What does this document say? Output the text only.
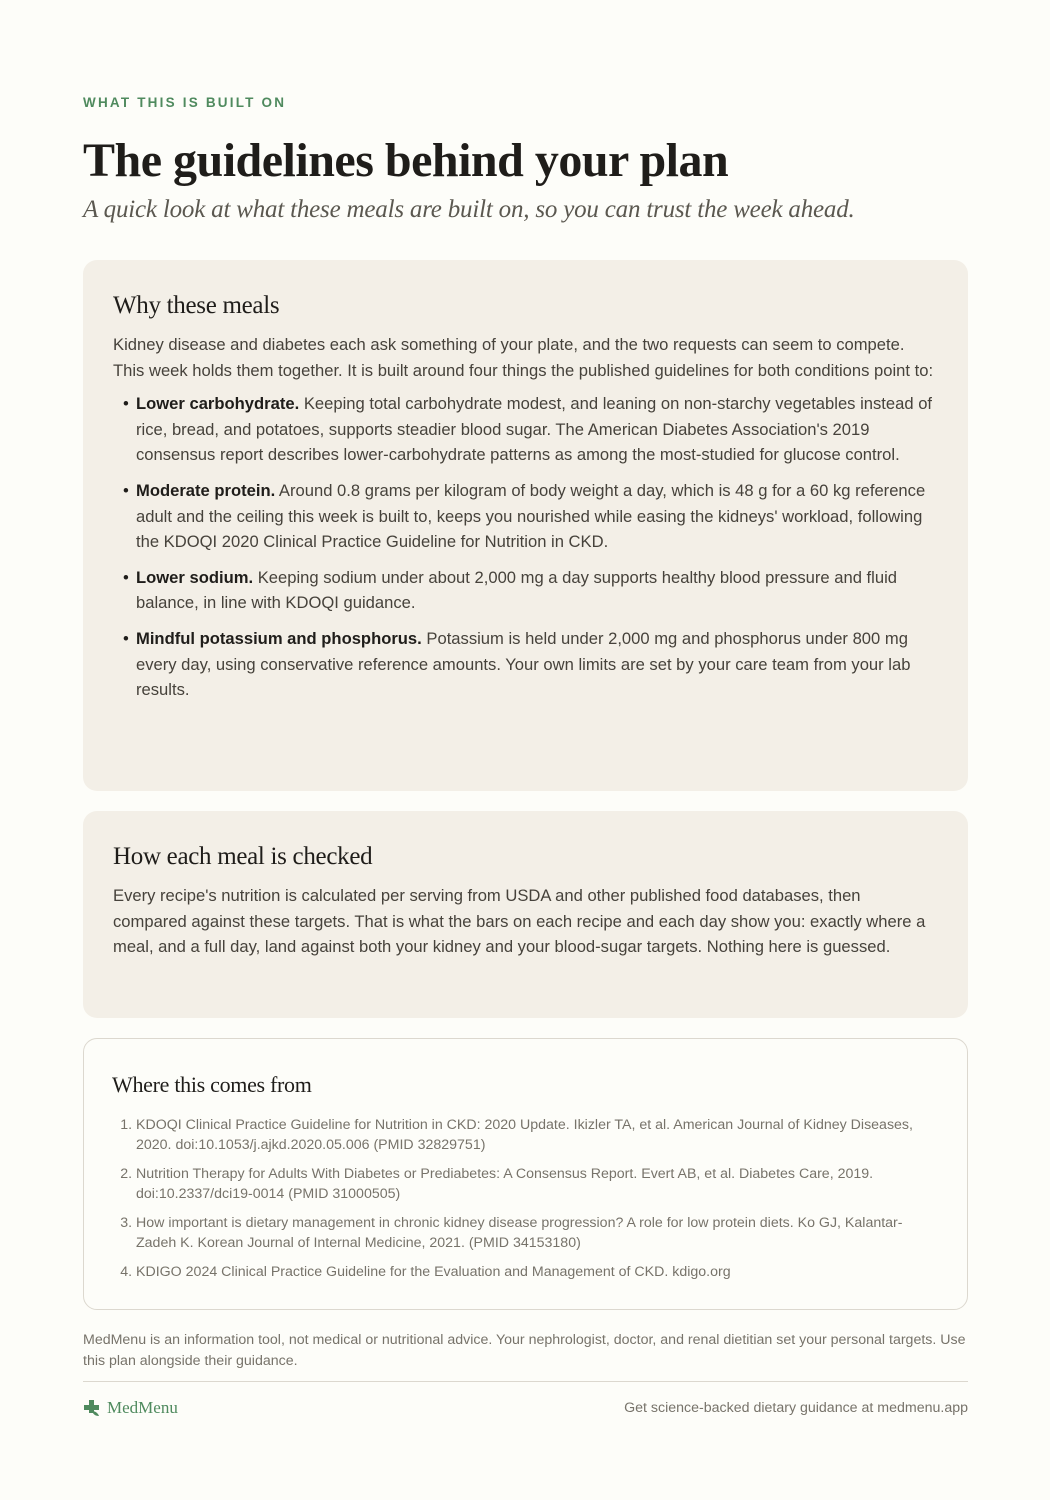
WHAT THIS IS BUILT ON
The guidelines behind your plan
A quick look at what these meals are built on, so you can trust the week ahead.
Why these meals

Kidney disease and diabetes each ask something of your plate, and the two requests can seem to compete. This week holds them together. It is built around four things the published guidelines for both conditions point to:

• Lower carbohydrate. Keeping total carbohydrate modest, and leaning on non-starchy vegetables instead of rice, bread, and potatoes, supports steadier blood sugar. The American Diabetes Association's 2019 consensus report describes lower-carbohydrate patterns as among the most-studied for glucose control.
• Moderate protein. Around 0.8 grams per kilogram of body weight a day, which is 48 g for a 60 kg reference adult and the ceiling this week is built to, keeps you nourished while easing the kidneys' workload, following the KDOQI 2020 Clinical Practice Guideline for Nutrition in CKD.
• Lower sodium. Keeping sodium under about 2,000 mg a day supports healthy blood pressure and fluid balance, in line with KDOQI guidance.
• Mindful potassium and phosphorus. Potassium is held under 2,000 mg and phosphorus under 800 mg every day, using conservative reference amounts. Your own limits are set by your care team from your lab results.
How each meal is checked

Every recipe's nutrition is calculated per serving from USDA and other published food databases, then compared against these targets. That is what the bars on each recipe and each day show you: exactly where a meal, and a full day, land against both your kidney and your blood-sugar targets. Nothing here is guessed.

Where this comes from
1. KDOQI Clinical Practice Guideline for Nutrition in CKD: 2020 Update. Ikizler TA, et al. American Journal of Kidney Diseases, 2020. doi:10.1053/j.ajkd.2020.05.006 (PMID 32829751)
2. Nutrition Therapy for Adults With Diabetes or Prediabetes: A Consensus Report. Evert AB, et al. Diabetes Care, 2019. doi:10.2337/dci19-0014 (PMID 31000505)
3. How important is dietary management in chronic kidney disease progression? A role for low protein diets. Ko GJ, Kalantar-Zadeh K. Korean Journal of Internal Medicine, 2021. (PMID 34153180)
4. KDIGO 2024 Clinical Practice Guideline for the Evaluation and Management of CKD. kdigo.org
MedMenu is an information tool, not medical or nutritional advice. Your nephrologist, doctor, and renal dietitian set your personal targets. Use this plan alongside their guidance.
MedMenu	Get science-backed dietary guidance at medmenu.app
